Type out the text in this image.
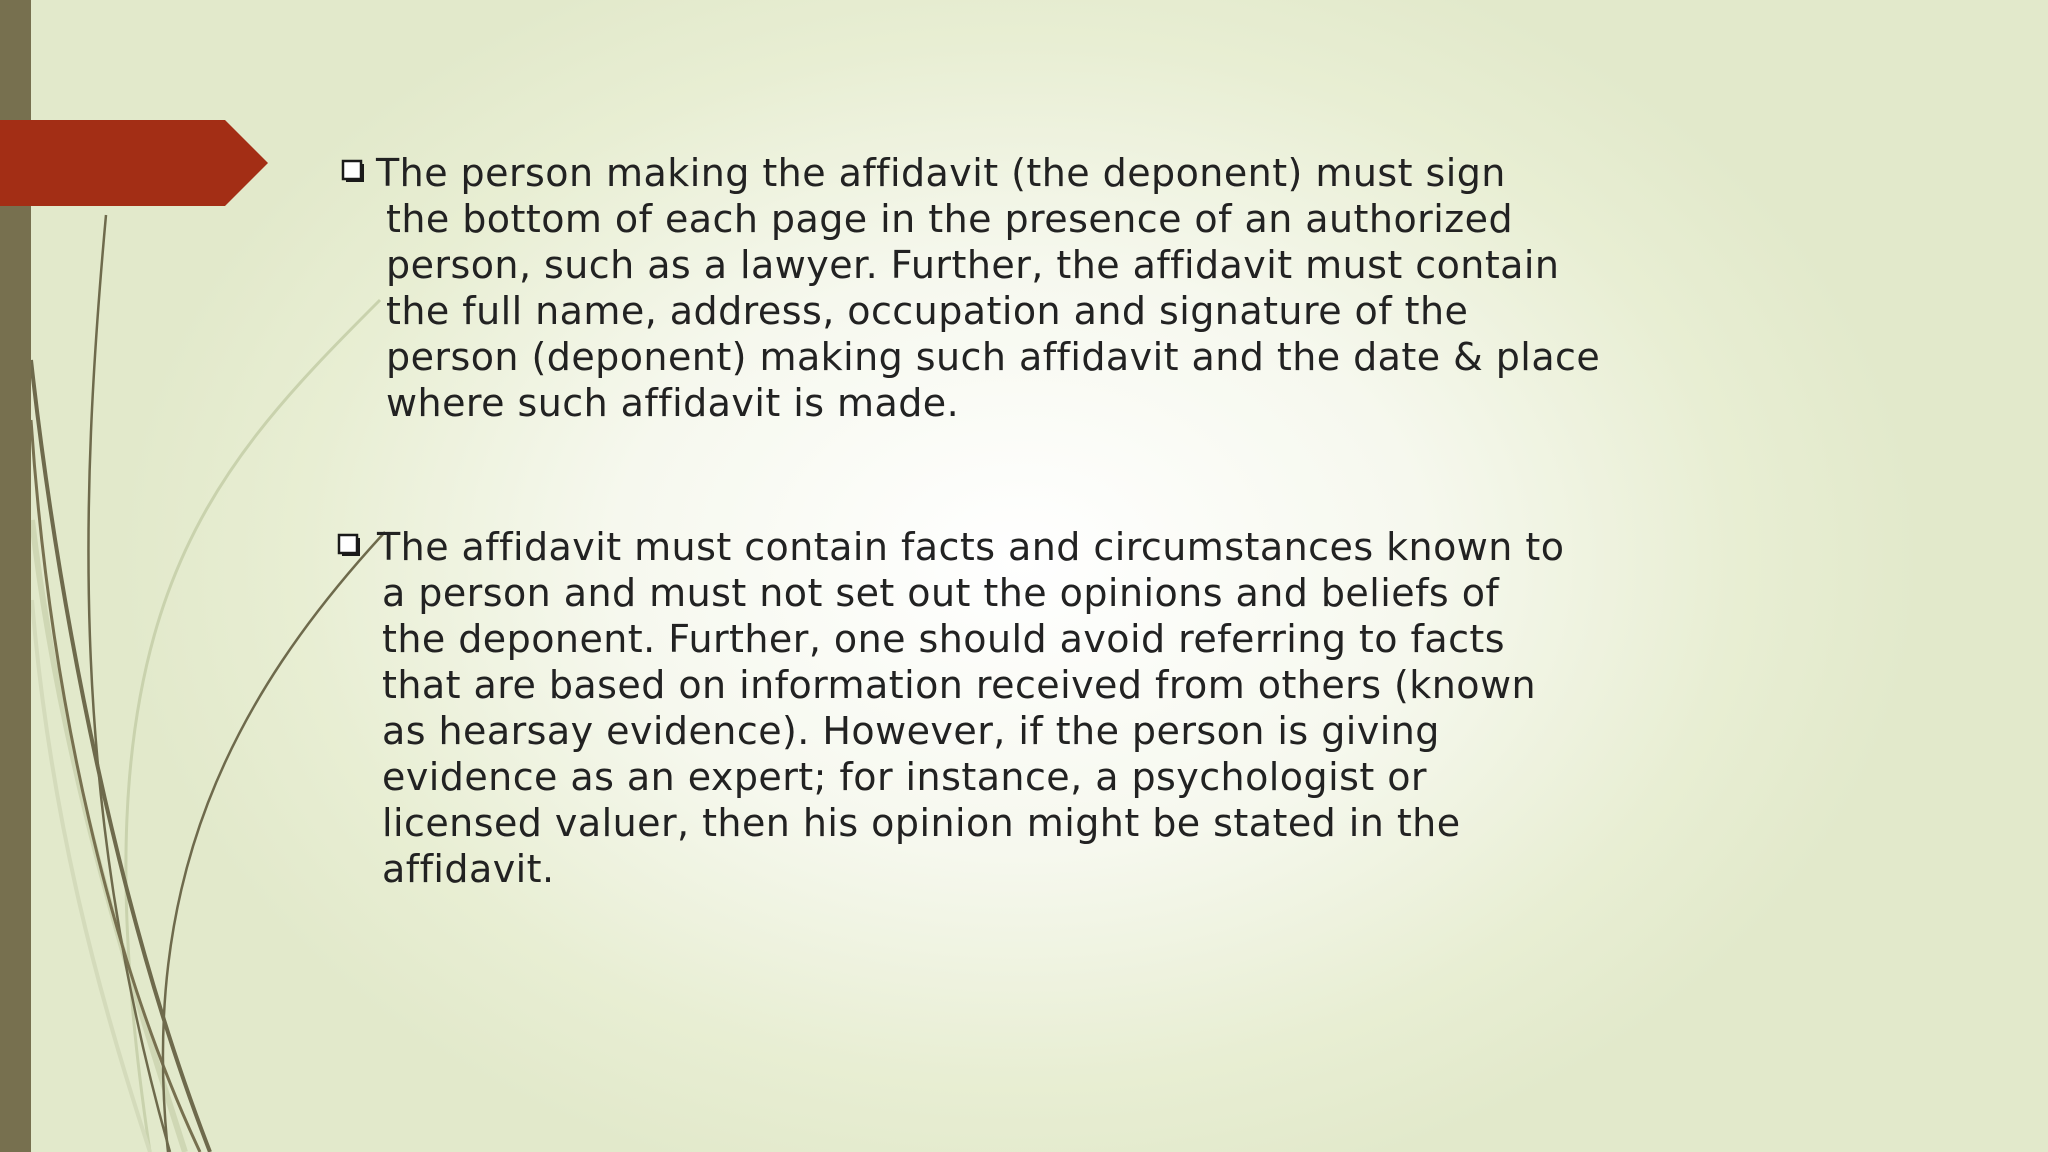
The person making the affidavit (the deponent) must sign
the bottom of each page in the presence of an authorized
person, such as a lawyer. Further, the affidavit must contain
the full name, address, occupation and signature of the
person (deponent) making such affidavit and the date & place
where such affidavit is made.
The affidavit must contain facts and circumstances known to
a person and must not set out the opinions and beliefs of
the deponent. Further, one should avoid referring to facts
that are based on information received from others (known
as hearsay evidence). However, if the person is giving
evidence as an expert; for instance, a psychologist or
licensed valuer, then his opinion might be stated in the
affidavit.
